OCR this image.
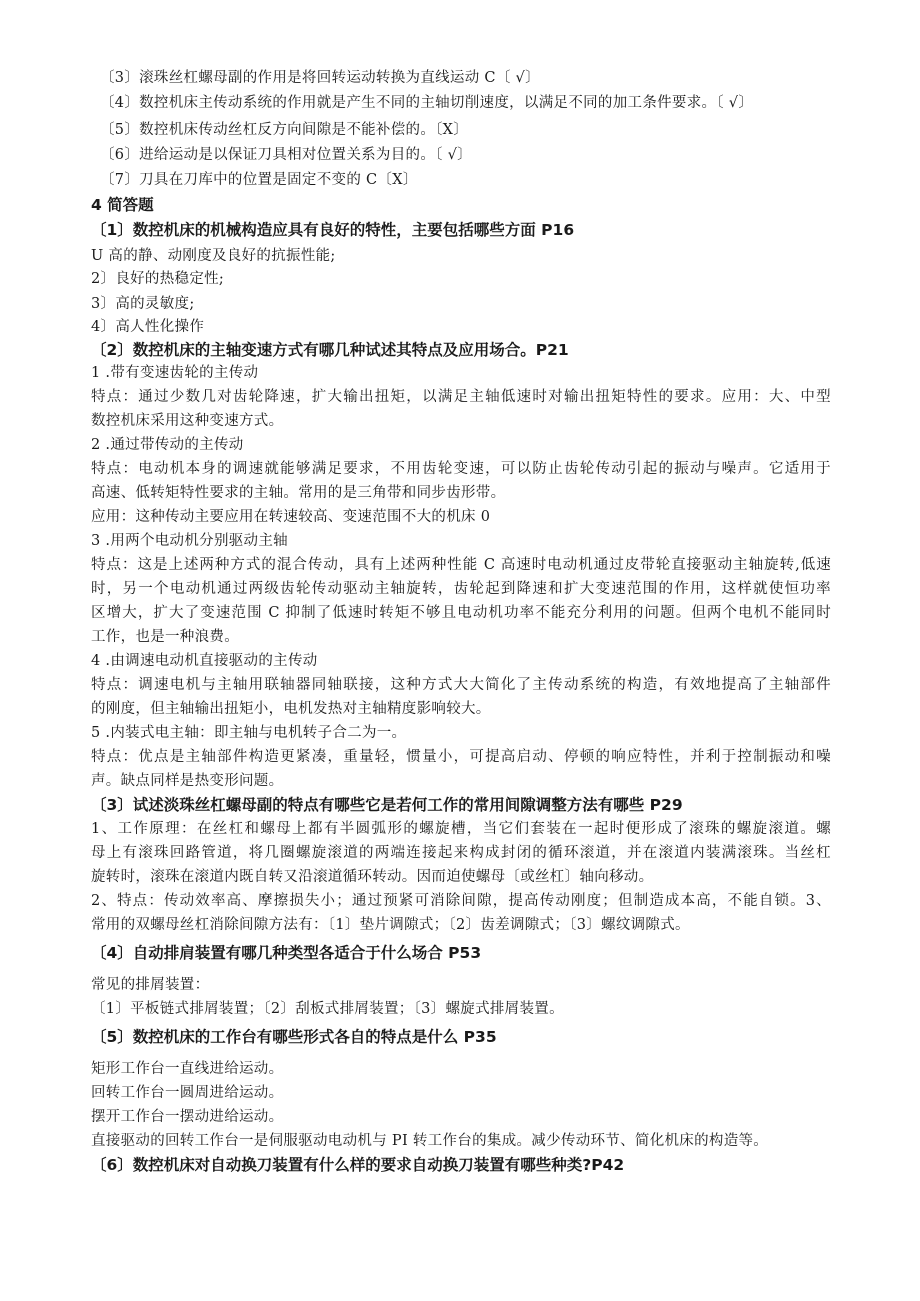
〔3〕滚珠丝杠螺母副的作用是将回转运动转换为直线运动 C〔 √〕
〔4〕数控机床主传动系统的作用就是产生不同的主轴切削速度，以满足不同的加工条件要求。〔 √〕
〔5〕数控机床传动丝杠反方向间隙是不能补偿的。〔X〕
〔6〕进给运动是以保证刀具相对位置关系为目的。〔 √〕
〔7〕刀具在刀库中的位置是固定不变的 C〔X〕
4 简答题
〔1〕数控机床的机械构造应具有良好的特性，主要包括哪些方面 P16
U 高的静、动刚度及良好的抗振性能;
2〕良好的热稳定性;
3〕高的灵敏度;
4〕高人性化操作
〔2〕数控机床的主轴变速方式有哪几种试述其特点及应用场合。P21
1 .带有变速齿轮的主传动
特点：通过少数几对齿轮降速，扩大输出扭矩，以满足主轴低速时对输出扭矩特性的要求。应用：大、中型
数控机床采用这种变速方式。
2 .通过带传动的主传动
特点：电动机本身的调速就能够满足要求，不用齿轮变速，可以防止齿轮传动引起的振动与噪声。它适用于
高速、低转矩特性要求的主轴。常用的是三角带和同步齿形带。
应用：这种传动主要应用在转速较高、变速范围不大的机床 0
3 .用两个电动机分别驱动主轴
特点：这是上述两种方式的混合传动，具有上述两种性能 C 高速时电动机通过皮带轮直接驱动主轴旋转,低速
时，另一个电动机通过两级齿轮传动驱动主轴旋转，齿轮起到降速和扩大变速范围的作用，这样就使恒功率
区增大，扩大了变速范围 C 抑制了低速时转矩不够且电动机功率不能充分利用的问题。但两个电机不能同时
工作，也是一种浪费。
4 .由调速电动机直接驱动的主传动
特点：调速电机与主轴用联轴器同轴联接，这种方式大大简化了主传动系统的构造，有效地提高了主轴部件
的刚度，但主轴输出扭矩小，电机发热对主轴精度影响较大。
5 .内装式电主轴：即主轴与电机转子合二为一。
特点：优点是主轴部件构造更紧凑，重量轻，惯量小，可提高启动、停顿的响应特性，并利于控制振动和噪
声。缺点同样是热变形问题。
〔3〕试述淡珠丝杠螺母副的特点有哪些它是若何工作的常用间隙调整方法有哪些 P29
1、工作原理：在丝杠和螺母上都有半圆弧形的螺旋槽，当它们套装在一起时便形成了滚珠的螺旋滚道。螺
母上有滚珠回路管道，将几圈螺旋滚道的两端连接起来构成封闭的循环滚道，并在滚道内装满滚珠。当丝杠
旋转时，滚珠在滚道内既自转又沿滚道循环转动。因而迫使螺母〔或丝杠〕轴向移动。
2、特点：传动效率高、摩擦损失小；通过预紧可消除间隙，提高传动刚度；但制造成本高，不能自锁。3、
常用的双螺母丝杠消除间隙方法有：〔1〕垫片调隙式；〔2〕齿差调隙式；〔3〕螺纹调隙式。
〔4〕自动排肩装置有哪几种类型各适合于什么场合 P53
常见的排屑装置：
〔1〕平板链式排屑装置；〔2〕刮板式排屑装置；〔3〕螺旋式排屑装置。
〔5〕数控机床的工作台有哪些形式各自的特点是什么 P35
矩形工作台一直线进给运动。
回转工作台一圆周进给运动。
摆开工作台一摆动进给运动。
直接驱动的回转工作台一是伺服驱动电动机与 PI 转工作台的集成。减少传动环节、简化机床的构造等。
〔6〕数控机床对自动换刀装置有什么样的要求自动换刀装置有哪些种类?P42
